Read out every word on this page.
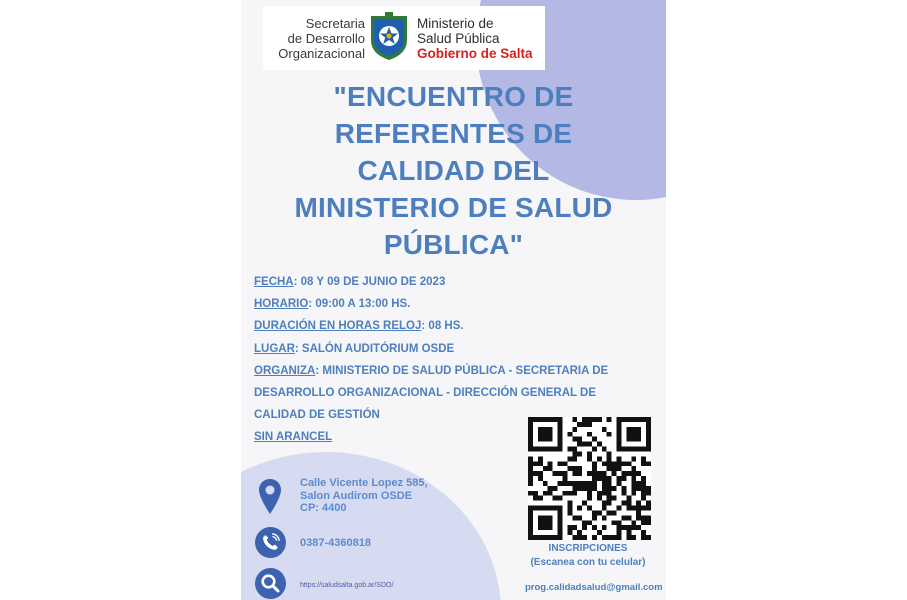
Secretaria
de Desarrollo
Organizacional
Ministerio de
Salud Pública
Gobierno de Salta
"ENCUENTRO DE
REFERENTES DE
CALIDAD DEL
MINISTERIO DE SALUD
PÚBLICA"
FECHA: 08 Y 09 DE JUNIO DE 2023
HORARIO: 09:00 A 13:00 HS.
DURACIÓN EN HORAS RELOJ: 08 HS.
LUGAR: SALÓN AUDITÓRIUM OSDE
ORGANIZA: MINISTERIO DE SALUD PÚBLICA - SECRETARIA DE
DESARROLLO ORGANIZACIONAL - DIRECCIÓN GENERAL DE
CALIDAD DE GESTIÓN
SIN ARANCEL
Calle Vicente Lopez 585,
Salon Audirom OSDE
CP: 4400
0387-4360818
https://saludsalta.gob.ar/SDO/
INSCRIPCIONES
(Escanea con tu celular)
prog.calidadsalud@gmail.com
